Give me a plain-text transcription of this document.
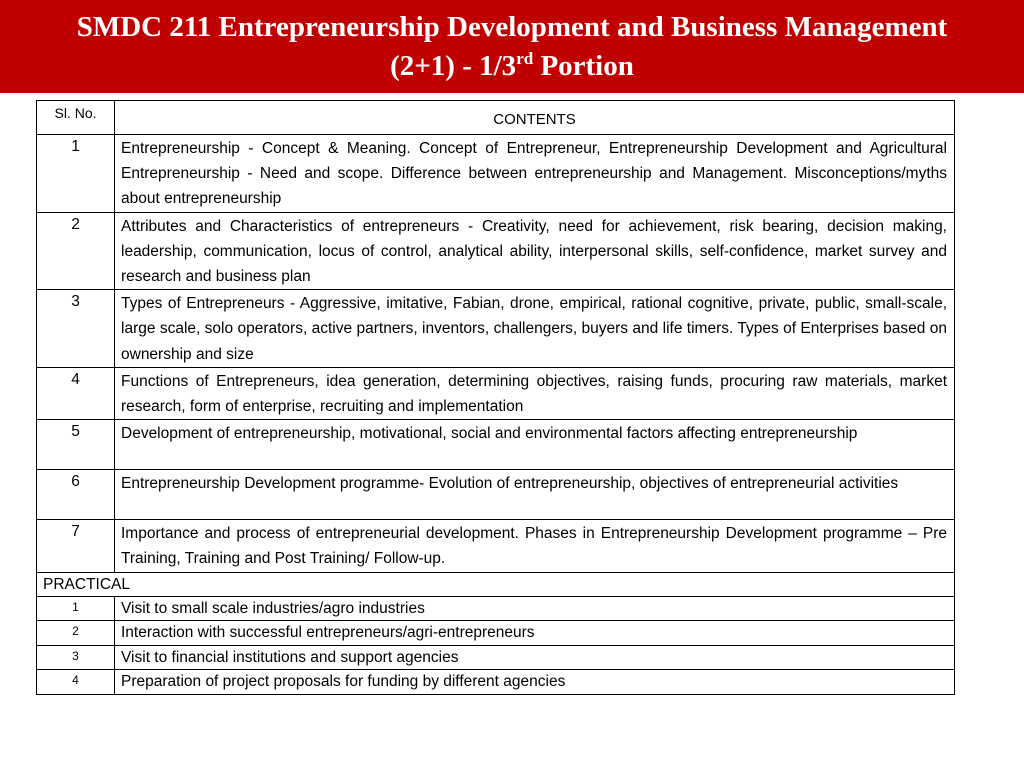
SMDC 211 Entrepreneurship Development and Business Management
(2+1) - 1/3rd Portion
Sl. No.	CONTENTS
1	Entrepreneurship - Concept & Meaning. Concept of Entrepreneur, Entrepreneurship Development and Agricultural Entrepreneurship - Need and scope. Difference between entrepreneurship and Management. Misconceptions/myths about entrepreneurship
2	Attributes and Characteristics of entrepreneurs - Creativity, need for achievement, risk bearing, decision making, leadership, communication, locus of control, analytical ability, interpersonal skills, self-confidence, market survey and research and business plan
3	Types of Entrepreneurs - Aggressive, imitative, Fabian, drone, empirical, rational cognitive, private, public, small-scale, large scale, solo operators, active partners, inventors, challengers, buyers and life timers. Types of Enterprises based on ownership and size
4	Functions of Entrepreneurs, idea generation, determining objectives, raising funds, procuring raw materials, market research, form of enterprise, recruiting and implementation
5	Development of entrepreneurship, motivational, social and environmental factors affecting entrepreneurship
6	Entrepreneurship Development programme- Evolution of entrepreneurship, objectives of entrepreneurial activities
7	Importance and process of entrepreneurial development. Phases in Entrepreneurship Development programme – Pre Training, Training and Post Training/ Follow-up.
PRACTICAL	
1	Visit to small scale industries/agro industries
2	Interaction with successful entrepreneurs/agri-entrepreneurs
3	Visit to financial institutions and support agencies
4	Preparation of project proposals for funding by different agencies
